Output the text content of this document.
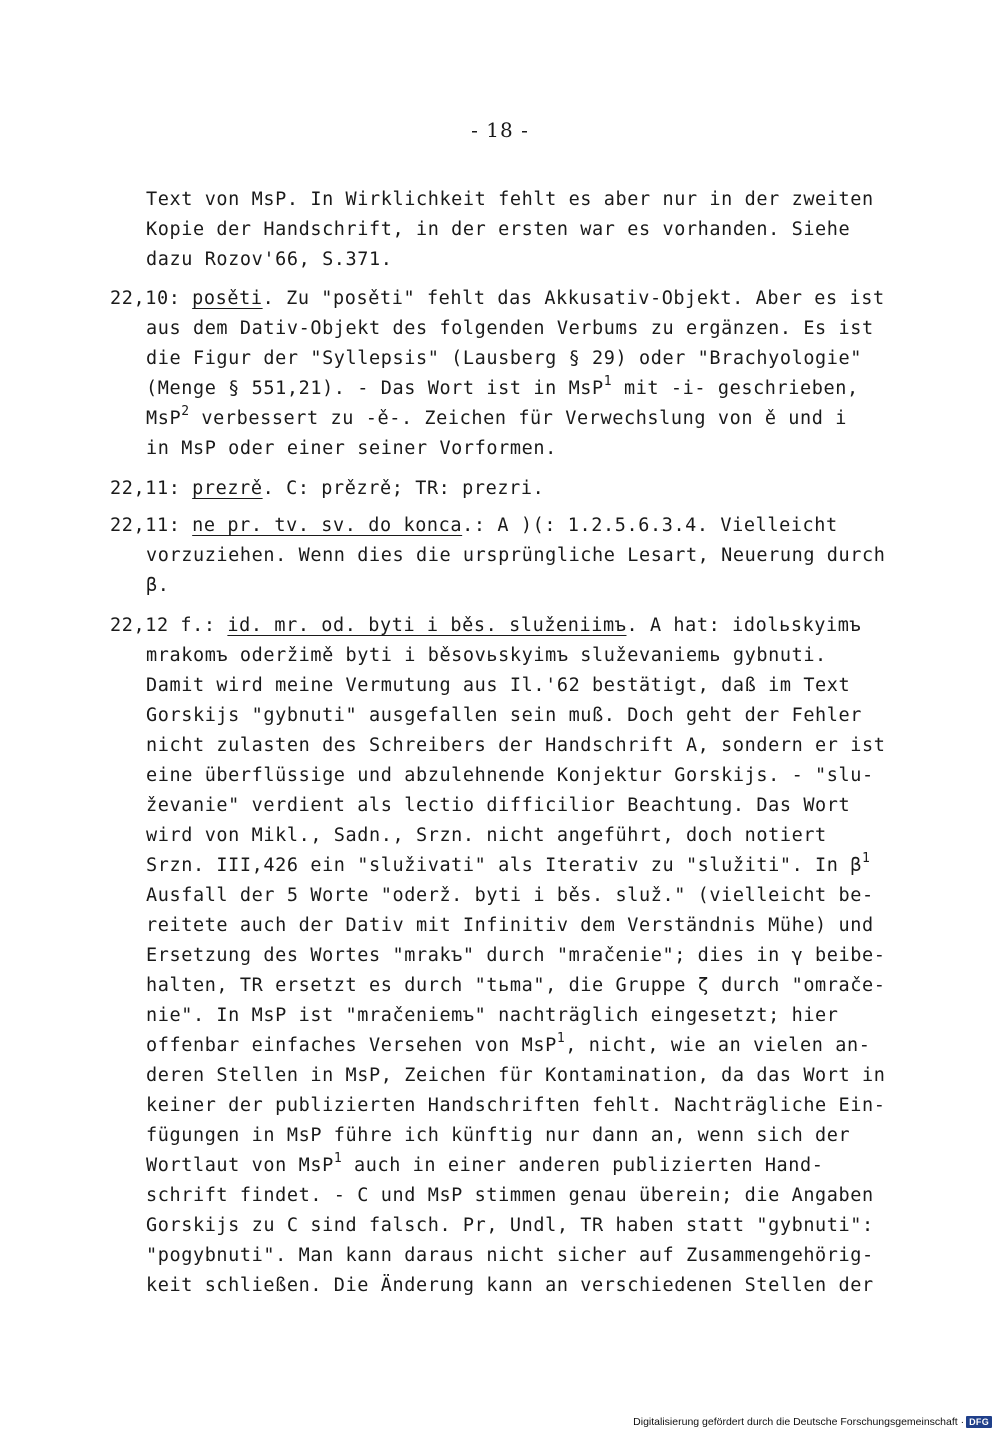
- 18 -
Text von MsP. In Wirklichkeit fehlt es aber nur in der zweiten
Kopie der Handschrift, in der ersten war es vorhanden. Siehe
dazu Rozov'66, S.371.
22,10: posěti. Zu "posěti" fehlt das Akkusativ-Objekt. Aber es ist
aus dem Dativ-Objekt des folgenden Verbums zu ergänzen. Es ist
die Figur der "Syllepsis" (Lausberg § 29) oder "Brachyologie"
(Menge § 551,21). - Das Wort ist in MsP$^1$ mit -i- geschrieben,
MsP$^2$ verbessert zu -ě-. Zeichen für Verwechslung von ě und i
in MsP oder einer seiner Vorformen.
22,11: prezrě. C: prězrě; TR: prezri.
22,11: ne pr. tv. sv. do konca.: A )(: 1.2.5.6.3.4. Vielleicht
vorzuziehen. Wenn dies die ursprüngliche Lesart, Neuerung durch
β.
22,12 f.: id. mr. od. byti i běs. služeniimъ. A hat: idolьskyimъ
mrakomъ oderžimě byti i běsovьskyimъ služevaniemь gybnuti.
Damit wird meine Vermutung aus Il.'62 bestätigt, daß im Text
Gorskijs "gybnuti" ausgefallen sein muß. Doch geht der Fehler
nicht zulasten des Schreibers der Handschrift A, sondern er ist
eine überflüssige und abzulehnende Konjektur Gorskijs. - "slu-
ževanie" verdient als lectio difficilior Beachtung. Das Wort
wird von Mikl., Sadn., Srzn. nicht angeführt, doch notiert
Srzn. III,426 ein "služivati" als Iterativ zu "služiti". In $\beta^1$
Ausfall der 5 Worte "oderž. byti i běs. služ." (vielleicht be-
reitete auch der Dativ mit Infinitiv dem Verständnis Mühe) und
Ersetzung des Wortes "mrakъ" durch "mračenie"; dies in γ beibe-
halten, TR ersetzt es durch "tьma", die Gruppe ζ durch "omrače-
nie". In MsP ist "mračeniemъ" nachträglich eingesetzt; hier
offenbar einfaches Versehen von MsP$^1$, nicht, wie an vielen an-
deren Stellen in MsP, Zeichen für Kontamination, da das Wort in
keiner der publizierten Handschriften fehlt. Nachträgliche Ein-
fügungen in MsP führe ich künftig nur dann an, wenn sich der
Wortlaut von MsP$^1$ auch in einer anderen publizierten Hand-
schrift findet. - C und MsP stimmen genau überein; die Angaben
Gorskijs zu C sind falsch. Pr, Undl, TR haben statt "gybnuti":
"pogybnuti". Man kann daraus nicht sicher auf Zusammengehörig-
keit schließen. Die Änderung kann an verschiedenen Stellen der
Digitalisierung gefördert durch die Deutsche Forschungsgemeinschaft · DFG
